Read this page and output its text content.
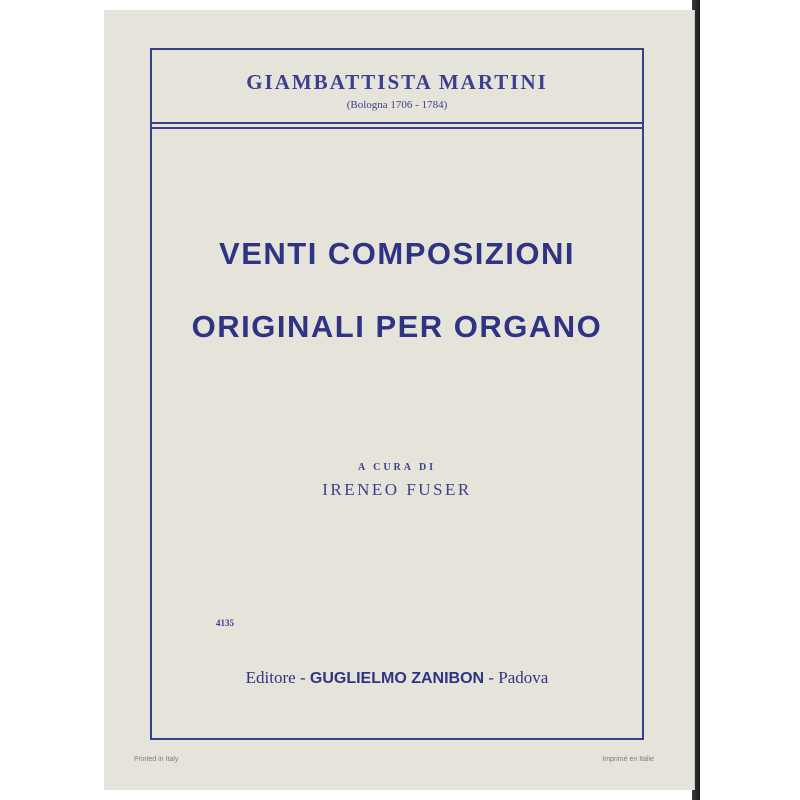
GIAMBATTISTA MARTINI
(Bologna 1706 - 1784)
VENTI COMPOSIZIONI
ORIGINALI PER ORGANO
A CURA DI
IRENEO FUSER
4135
Editore - GUGLIELMO ZANIBON - Padova
Printed in Italy	Imprimé en Italie
